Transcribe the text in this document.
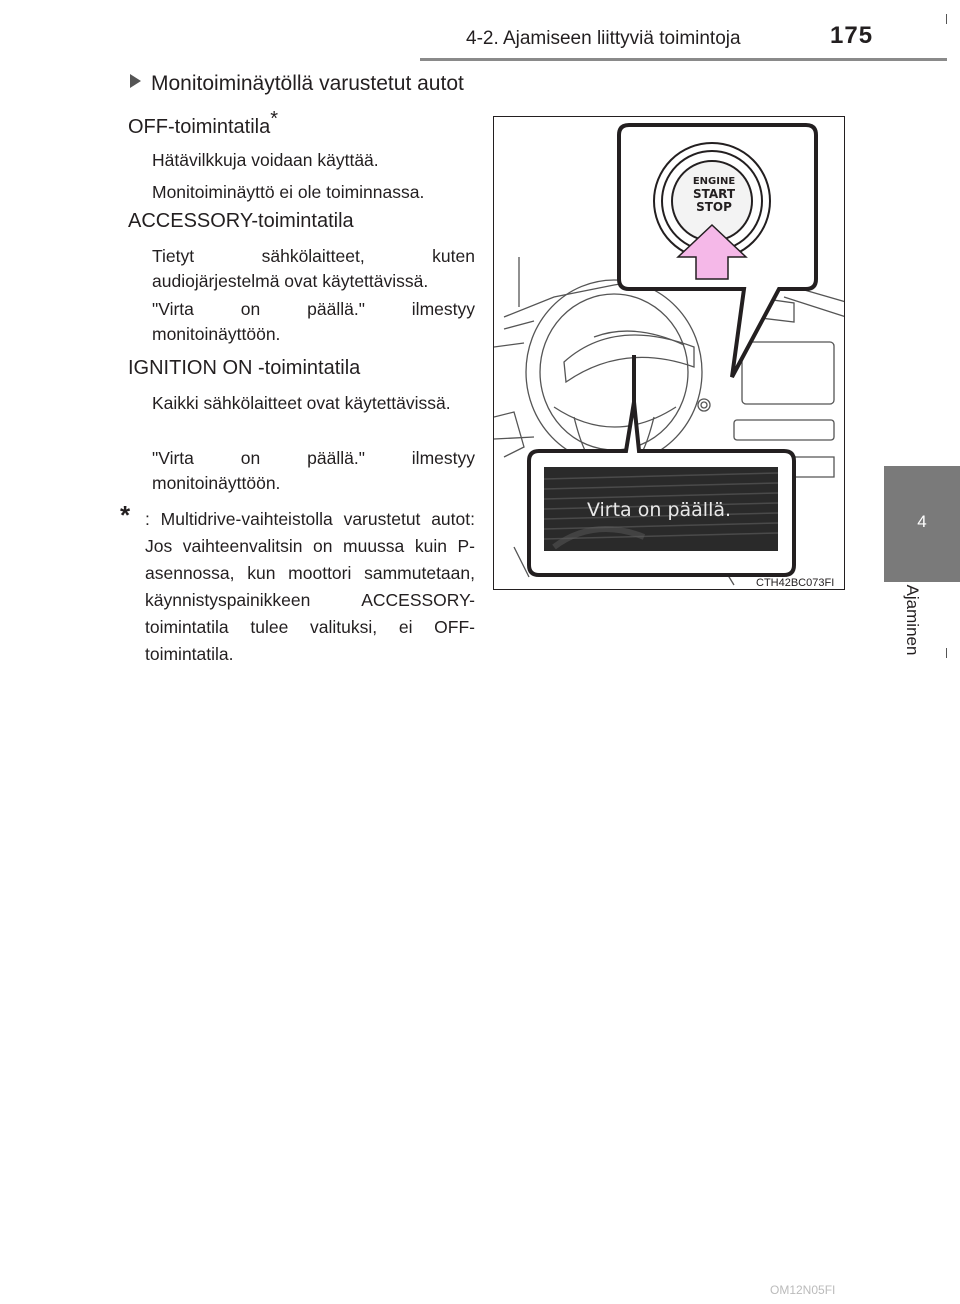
4-2. Ajamiseen liittyviä toimintoja	175
4
Ajaminen
Monitoiminäytöllä varustetut autot
OFF-toimintatila*
Hätävilkkuja voidaan käyttää.
Monitoiminäyttö ei ole toiminnassa.
ACCESSORY-toimintatila
Tietyt sähkölaitteet, kuten audiojärjestelmä ovat käytettävissä.
"Virta on päällä." ilmestyy monitoinäyttöön.
IGNITION ON -toimintatila
Kaikki sähkölaitteet ovat käytettävissä.
"Virta on päällä." ilmestyy monitoinäyttöön.
* : Multidrive-vaihteistolla varustetut autot: Jos vaihteenvalitsin on muussa kuin P-asennossa, kun moottori sammutetaan, käynnistyspainikkeen ACCESSORY-toimintatila tulee valituksi, ei OFF-toimintatila.
ENGINE
START
STOP
Virta on päällä.
CTH42BC073FI
OM12N05FI
